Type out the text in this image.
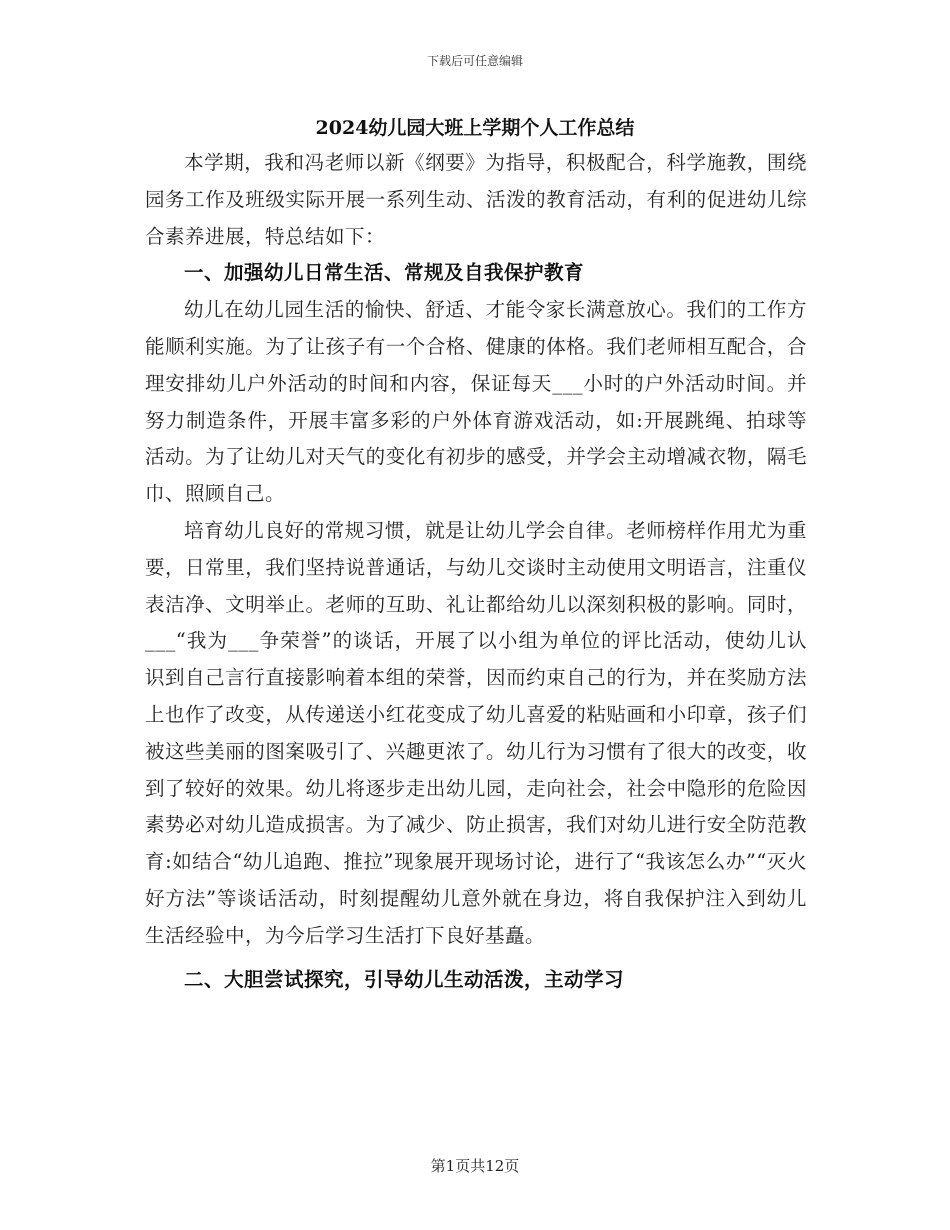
下载后可任意编辑
2024幼儿园大班上学期个人工作总结

本学期，我和冯老师以新《纲要》为指导，积极配合，科学施教，围绕园务工作及班级实际开展一系列生动、活泼的教育活动，有利的促进幼儿综合素养进展，特总结如下：

一、加强幼儿日常生活、常规及自我保护教育

幼儿在幼儿园生活的愉快、舒适、才能令家长满意放心。我们的工作方能顺利实施。为了让孩子有一个合格、健康的体格。我们老师相互配合，合理安排幼儿户外活动的时间和内容，保证每天___小时的户外活动时间。并努力制造条件，开展丰富多彩的户外体育游戏活动，如:开展跳绳、拍球等活动。为了让幼儿对天气的变化有初步的感受，并学会主动增减衣物，隔毛巾、照顾自己。

培育幼儿良好的常规习惯，就是让幼儿学会自律。老师榜样作用尤为重要，日常里，我们坚持说普通话，与幼儿交谈时主动使用文明语言，注重仪表洁净、文明举止。老师的互助、礼让都给幼儿以深刻积极的影响。同时，___“我为___争荣誉”的谈话，开展了以小组为单位的评比活动，使幼儿认识到自己言行直接影响着本组的荣誉，因而约束自己的行为，并在奖励方法上也作了改变，从传递送小红花变成了幼儿喜爱的粘贴画和小印章，孩子们被这些美丽的图案吸引了、兴趣更浓了。幼儿行为习惯有了很大的改变，收到了较好的效果。幼儿将逐步走出幼儿园，走向社会，社会中隐形的危险因素势必对幼儿造成损害。为了减少、防止损害，我们对幼儿进行安全防范教育:如结合“幼儿追跑、推拉”现象展开现场讨论，进行了“我该怎么办”“灭火好方法”等谈话活动，时刻提醒幼儿意外就在身边，将自我保护注入到幼儿生活经验中，为今后学习生活打下良好基矗。

二、大胆尝试探究，引导幼儿生动活泼，主动学习

第1页共12页
